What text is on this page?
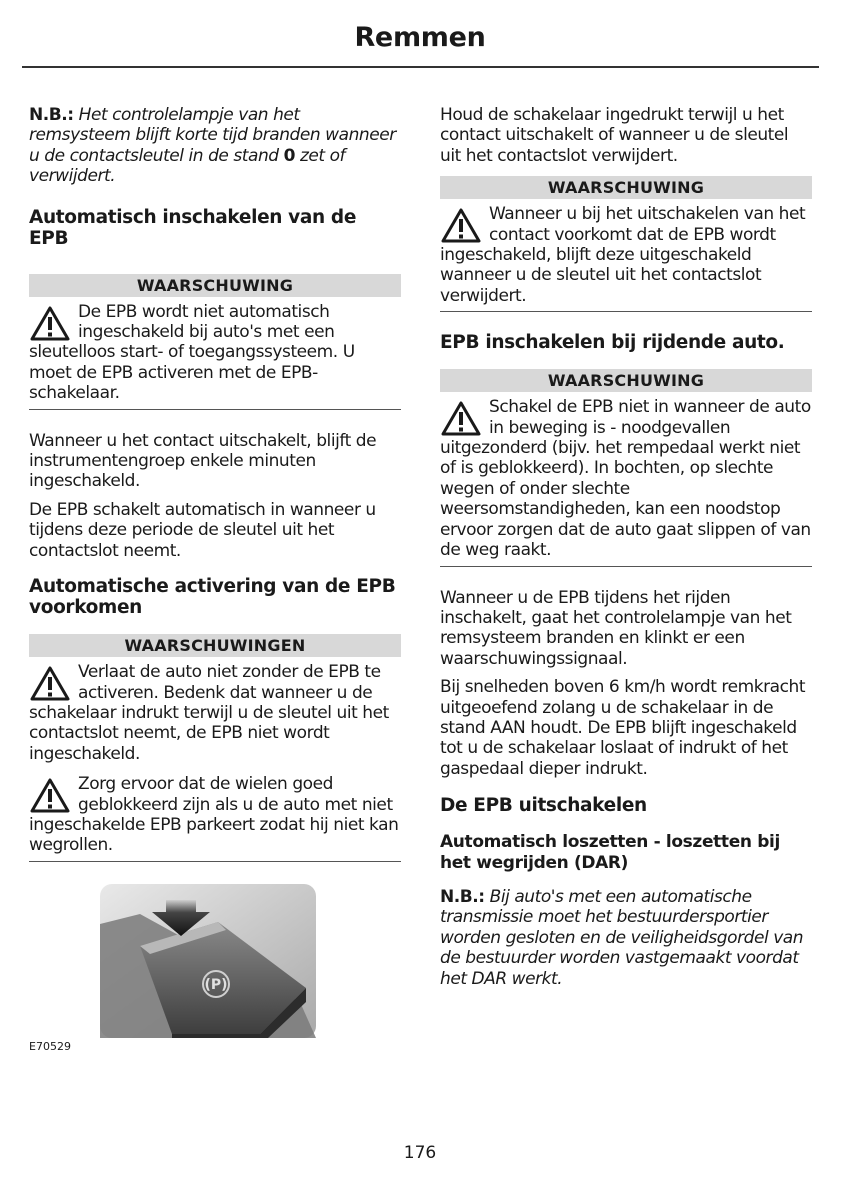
Remmen

N.B.: Het controlelampje van het remsysteem blijft korte tijd branden wanneer u de contactsleutel in de stand 0 zet of verwijdert.

Automatisch inschakelen van de EPB
WAARSCHUWING

De EPB wordt niet automatisch ingeschakeld bij auto's met een sleutelloos start- of toegangssysteem. U moet de EPB activeren met de EPB-schakelaar.

Wanneer u het contact uitschakelt, blijft de instrumentengroep enkele minuten ingeschakeld.

De EPB schakelt automatisch in wanneer u tijdens deze periode de sleutel uit het contactslot neemt.

Automatische activering van de EPB voorkomen
WAARSCHUWINGEN

Verlaat de auto niet zonder de EPB te activeren. Bedenk dat wanneer u de schakelaar indrukt terwijl u de sleutel uit het contactslot neemt, de EPB niet wordt ingeschakeld.

Zorg ervoor dat de wielen goed geblokkeerd zijn als u de auto met niet ingeschakelde EPB parkeert zodat hij niet kan wegrollen.

(P)
E70529

Houd de schakelaar ingedrukt terwijl u het contact uitschakelt of wanneer u de sleutel uit het contactslot verwijdert.

WAARSCHUWING

Wanneer u bij het uitschakelen van het contact voorkomt dat de EPB wordt ingeschakeld, blijft deze uitgeschakeld wanneer u de sleutel uit het contactslot verwijdert.

EPB inschakelen bij rijdende auto.
WAARSCHUWING

Schakel de EPB niet in wanneer de auto in beweging is - noodgevallen uitgezonderd (bijv. het rempedaal werkt niet of is geblokkeerd). In bochten, op slechte wegen of onder slechte weersomstandigheden, kan een noodstop ervoor zorgen dat de auto gaat slippen of van de weg raakt.

Wanneer u de EPB tijdens het rijden inschakelt, gaat het controlelampje van het remsysteem branden en klinkt er een waarschuwingssignaal.

Bij snelheden boven 6 km/h wordt remkracht uitgeoefend zolang u de schakelaar in de stand AAN houdt. De EPB blijft ingeschakeld tot u de schakelaar loslaat of indrukt of het gaspedaal dieper indrukt.

De EPB uitschakelen
Automatisch loszetten - loszetten bij het wegrijden (DAR)

N.B.: Bij auto's met een automatische transmissie moet het bestuurdersportier worden gesloten en de veiligheidsgordel van de bestuurder worden vastgemaakt voordat het DAR werkt.

176
